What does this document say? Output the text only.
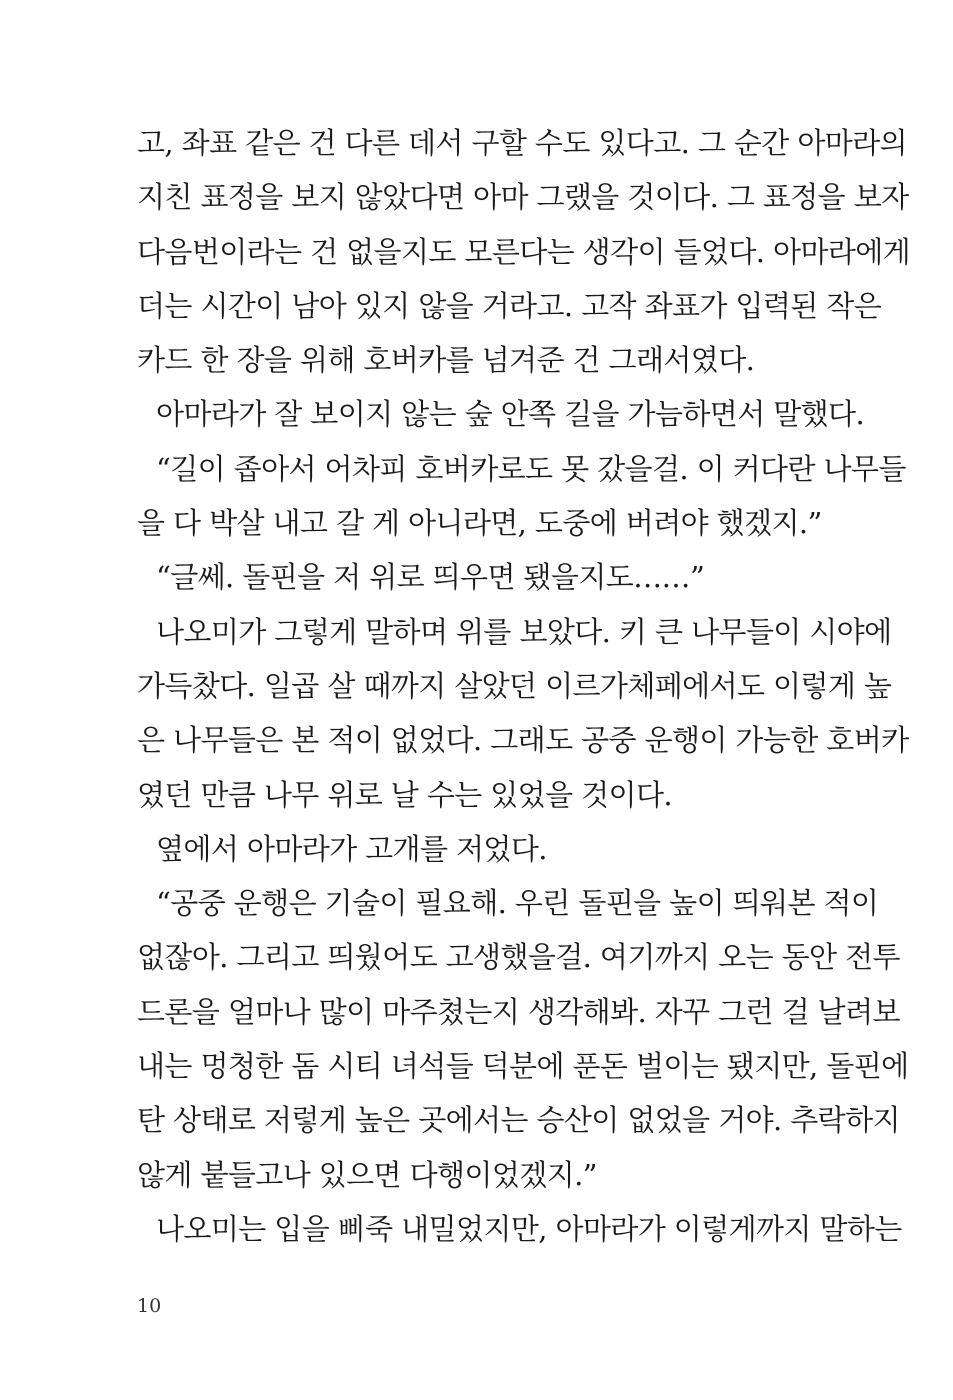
고, 좌표 같은 건 다른 데서 구할 수도 있다고. 그 순간 아마라의
지친 표정을 보지 않았다면 아마 그랬을 것이다. 그 표정을 보자
다음번이라는 건 없을지도 모른다는 생각이 들었다. 아마라에게
더는 시간이 남아 있지 않을 거라고. 고작 좌표가 입력된 작은
카드 한 장을 위해 호버카를 넘겨준 건 그래서였다.
아마라가 잘 보이지 않는 숲 안쪽 길을 가늠하면서 말했다.
“길이 좁아서 어차피 호버카로도 못 갔을걸. 이 커다란 나무들
을 다 박살 내고 갈 게 아니라면, 도중에 버려야 했겠지.”
“글쎄. 돌핀을 저 위로 띄우면 됐을지도……”
나오미가 그렇게 말하며 위를 보았다. 키 큰 나무들이 시야에
가득찼다. 일곱 살 때까지 살았던 이르가체페에서도 이렇게 높
은 나무들은 본 적이 없었다. 그래도 공중 운행이 가능한 호버카
였던 만큼 나무 위로 날 수는 있었을 것이다.
옆에서 아마라가 고개를 저었다.
“공중 운행은 기술이 필요해. 우린 돌핀을 높이 띄워본 적이
없잖아. 그리고 띄웠어도 고생했을걸. 여기까지 오는 동안 전투
드론을 얼마나 많이 마주쳤는지 생각해봐. 자꾸 그런 걸 날려보
내는 멍청한 돔 시티 녀석들 덕분에 푼돈 벌이는 됐지만, 돌핀에
탄 상태로 저렇게 높은 곳에서는 승산이 없었을 거야. 추락하지
않게 붙들고나 있으면 다행이었겠지.”
나오미는 입을 삐죽 내밀었지만, 아마라가 이렇게까지 말하는
10
